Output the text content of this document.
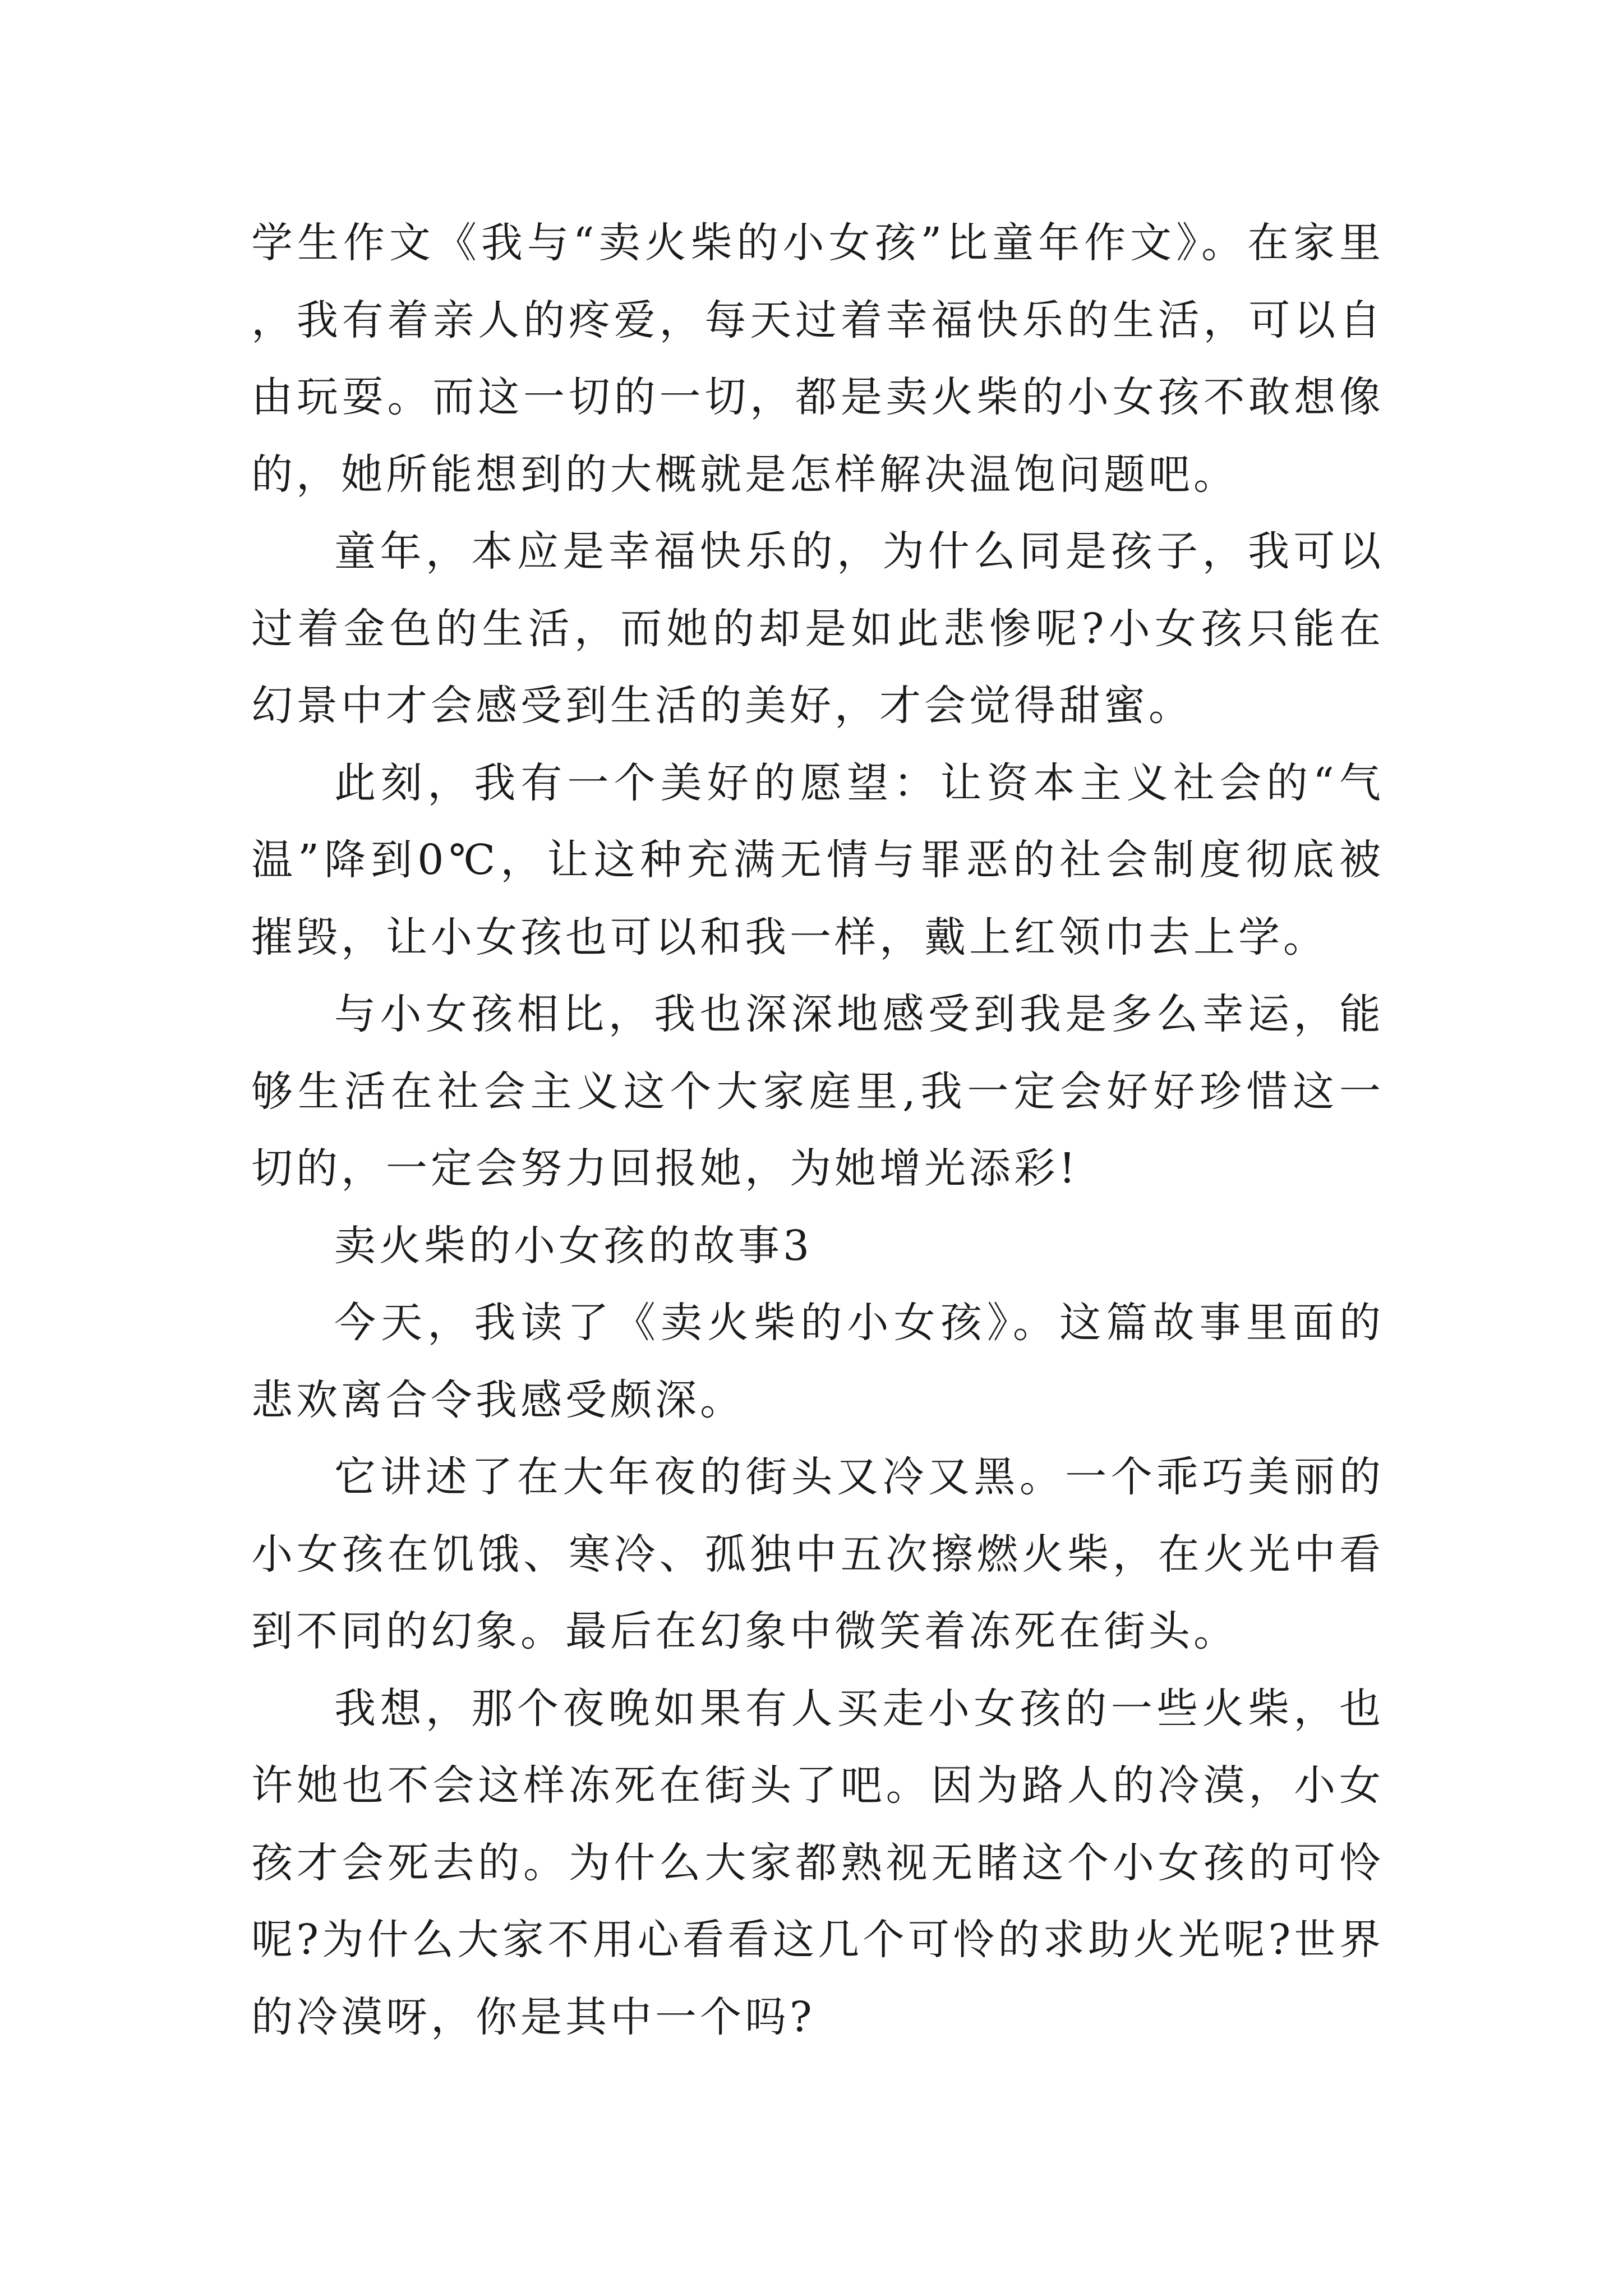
学生作文《我与“卖火柴的小女孩”比童年作文》。在家里，我有着亲人的疼爱，每天过着幸福快乐的生活，可以自由玩耍。而这一切的一切，都是卖火柴的小女孩不敢想像的，她所能想到的大概就是怎样解决温饱问题吧。

童年，本应是幸福快乐的，为什么同是孩子，我可以过着金色的生活，而她的却是如此悲惨呢?小女孩只能在幻景中才会感受到生活的美好，才会觉得甜蜜。

此刻，我有一个美好的愿望：让资本主义社会的“气温”降到0℃，让这种充满无情与罪恶的社会制度彻底被摧毁，让小女孩也可以和我一样，戴上红领巾去上学。

与小女孩相比，我也深深地感受到我是多么幸运，能够生活在社会主义这个大家庭里,我一定会好好珍惜这一切的，一定会努力回报她，为她增光添彩!

卖火柴的小女孩的故事3

今天，我读了《卖火柴的小女孩》。这篇故事里面的悲欢离合令我感受颇深。

它讲述了在大年夜的街头又冷又黑。一个乖巧美丽的小女孩在饥饿、寒冷、孤独中五次擦燃火柴，在火光中看到不同的幻象。最后在幻象中微笑着冻死在街头。

我想，那个夜晚如果有人买走小女孩的一些火柴，也许她也不会这样冻死在街头了吧。因为路人的冷漠，小女孩才会死去的。为什么大家都熟视无睹这个小女孩的可怜呢?为什么大家不用心看看这几个可怜的求助火光呢?世界的冷漠呀，你是其中一个吗?
